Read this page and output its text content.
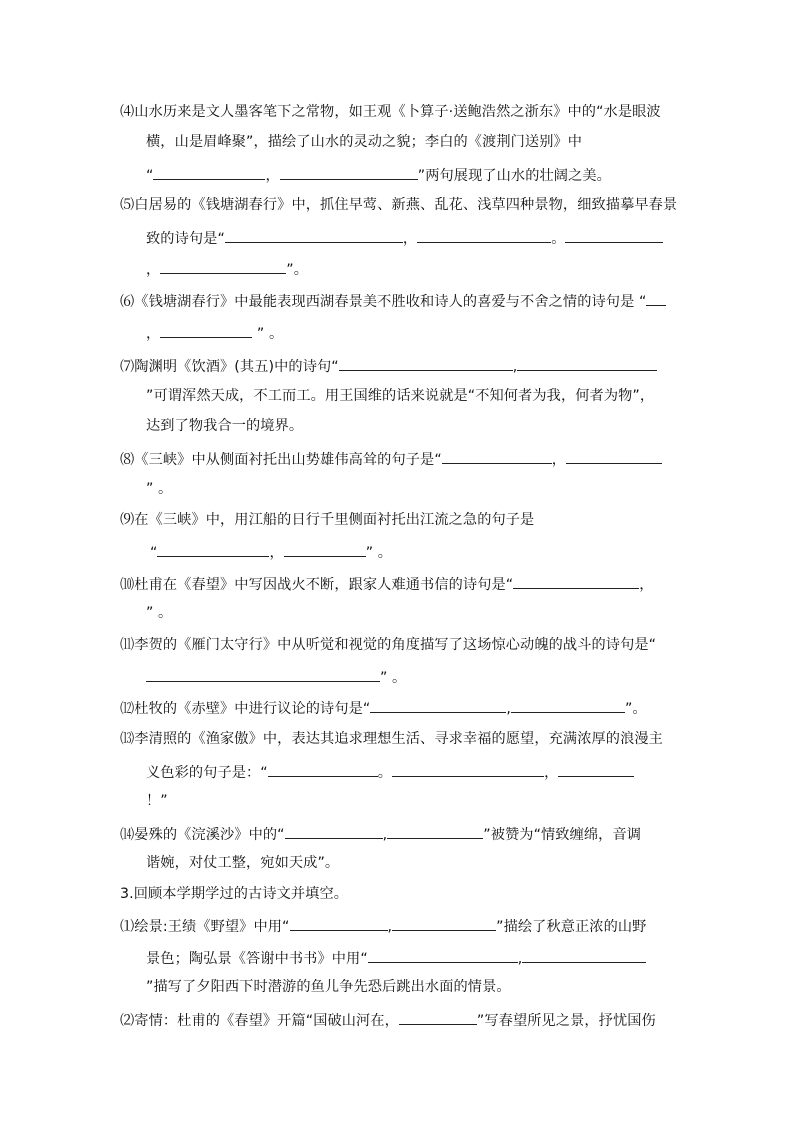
⑷山水历来是文人墨客笔下之常物，如王观《卜算子·送鲍浩然之浙东》中的“水是眼波
横，山是眉峰聚”，描绘了山水的灵动之貌；李白的《渡荆门送别》中
“	，	”两句展现了山水的壮阔之美。
⑸白居易的《钱塘湖春行》中，抓住早莺、新燕、乱花、浅草四种景物，细致描摹早春景
致的诗句是“	，	。
，	”。
⑹《钱塘湖春行》中最能表现西湖春景美不胜收和诗人的喜爱与不舍之情的诗句是 “
，	” 。
⑺陶渊明《饮酒》(其五)中的诗句“	,
”可谓浑然天成，不工而工。用王国维的话来说就是“不知何者为我，何者为物”，
达到了物我合一的境界。
⑻《三峡》中从侧面衬托出山势雄伟高耸的句子是“	，
” 。
⑼在《三峡》中，用江船的日行千里侧面衬托出江流之急的句子是
“	，	” 。
⑽杜甫在《春望》中写因战火不断，跟家人难通书信的诗句是“	，
” 。
⑾李贺的《雁门太守行》中从听觉和视觉的角度描写了这场惊心动魄的战斗的诗句是“
” 。
⑿杜牧的《赤壁》中进行议论的诗句是“	,	”。
⒀李清照的《渔家傲》中，表达其追求理想生活、寻求幸福的愿望，充满浓厚的浪漫主
义色彩的句子是：“	。	，
！”
⒁晏殊的《浣溪沙》中的“	,	”被赞为“情致缠绵，音调
谐婉，对仗工整，宛如天成”。
3.回顾本学期学过的古诗文并填空。
⑴绘景:王绩《野望》中用“	,	”描绘了秋意正浓的山野
景色；陶弘景《答谢中书书》中用“	,
”描写了夕阳西下时潜游的鱼儿争先恐后跳出水面的情景。
⑵寄情：杜甫的《春望》开篇“国破山河在，	”写春望所见之景，抒忧国伤
